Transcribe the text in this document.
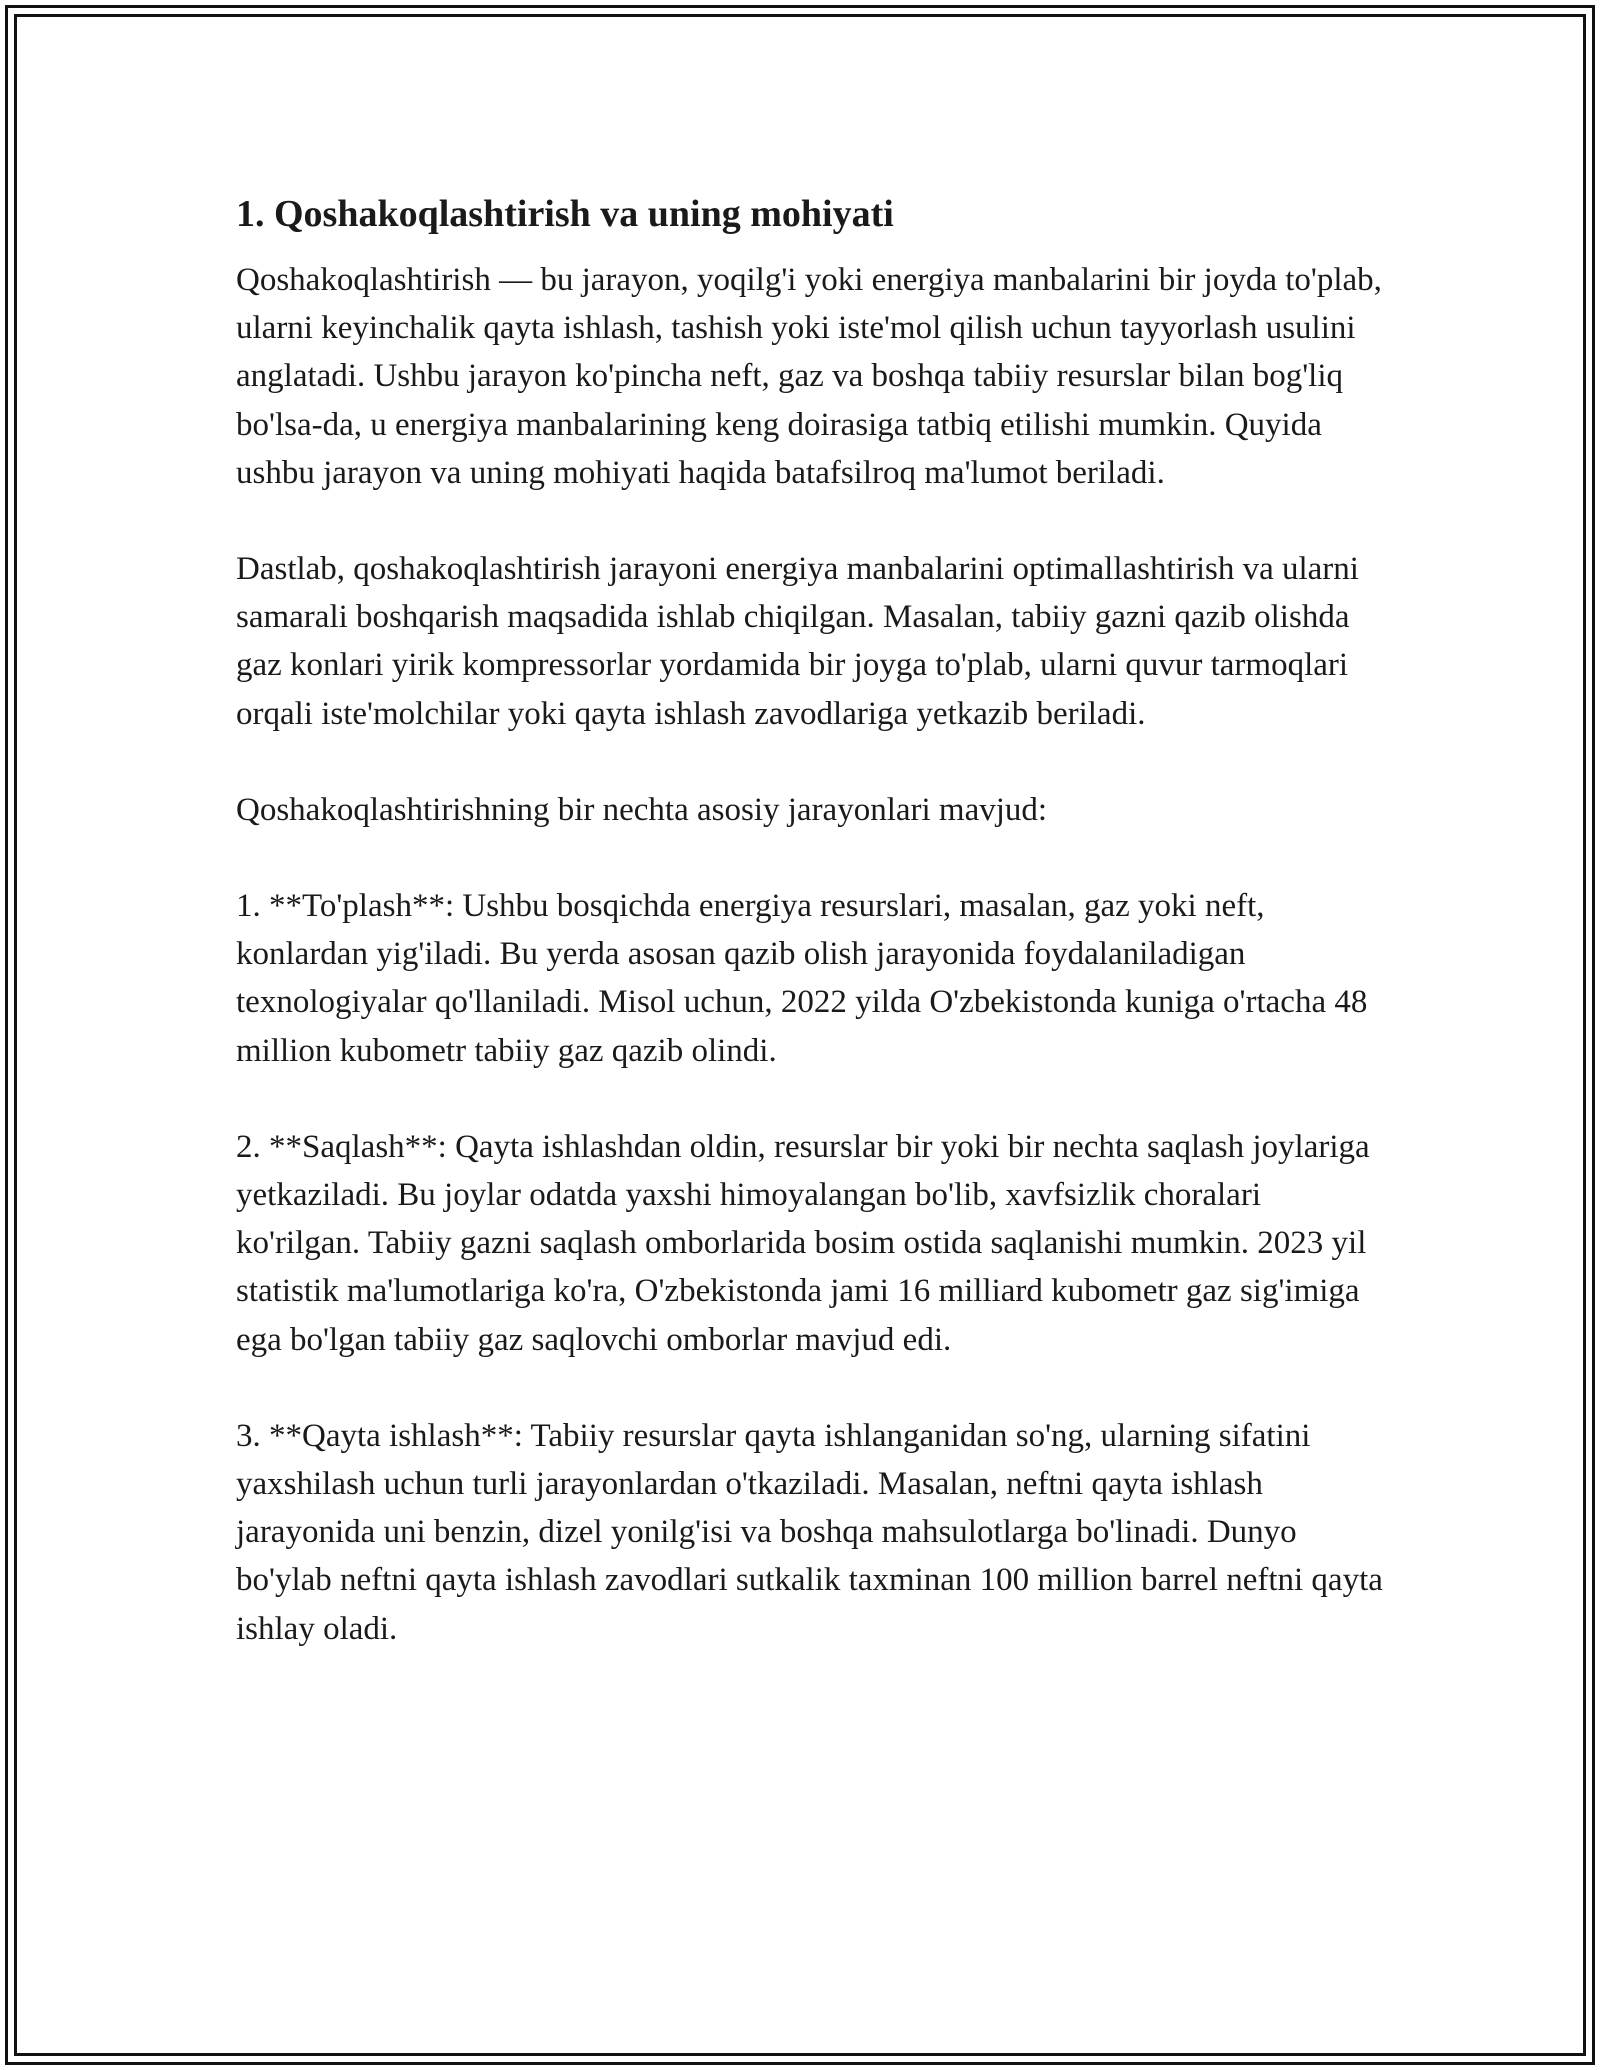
1. Qoshakoqlashtirish va uning mohiyati

Qoshakoqlashtirish — bu jarayon, yoqilg'i yoki energiya manbalarini bir joyda to'plab, ularni keyinchalik qayta ishlash, tashish yoki iste'mol qilish uchun tayyorlash usulini anglatadi. Ushbu jarayon ko'pincha neft, gaz va boshqa tabiiy resurslar bilan bog'liq bo'lsa-da, u energiya manbalarining keng doirasiga tatbiq etilishi mumkin. Quyida ushbu jarayon va uning mohiyati haqida batafsilroq ma'lumot beriladi.

Dastlab, qoshakoqlashtirish jarayoni energiya manbalarini optimallashtirish va ularni samarali boshqarish maqsadida ishlab chiqilgan. Masalan, tabiiy gazni qazib olishda gaz konlari yirik kompressorlar yordamida bir joyga to'plab, ularni quvur tarmoqlari orqali iste'molchilar yoki qayta ishlash zavodlariga yetkazib beriladi.

Qoshakoqlashtirishning bir nechta asosiy jarayonlari mavjud:

1. **To'plash**: Ushbu bosqichda energiya resurslari, masalan, gaz yoki neft, konlardan yig'iladi. Bu yerda asosan qazib olish jarayonida foydalaniladigan texnologiyalar qo'llaniladi. Misol uchun, 2022 yilda O'zbekistonda kuniga o'rtacha 48 million kubometr tabiiy gaz qazib olindi.

2. **Saqlash**: Qayta ishlashdan oldin, resurslar bir yoki bir nechta saqlash joylariga yetkaziladi. Bu joylar odatda yaxshi himoyalangan bo'lib, xavfsizlik choralari ko'rilgan. Tabiiy gazni saqlash omborlarida bosim ostida saqlanishi mumkin. 2023 yil statistik ma'lumotlariga ko'ra, O'zbekistonda jami 16 milliard kubometr gaz sig'imiga ega bo'lgan tabiiy gaz saqlovchi omborlar mavjud edi.

3. **Qayta ishlash**: Tabiiy resurslar qayta ishlanganidan so'ng, ularning sifatini yaxshilash uchun turli jarayonlardan o'tkaziladi. Masalan, neftni qayta ishlash jarayonida uni benzin, dizel yonilg'isi va boshqa mahsulotlarga bo'linadi. Dunyo bo'ylab neftni qayta ishlash zavodlari sutkalik taxminan 100 million barrel neftni qayta ishlay oladi.
